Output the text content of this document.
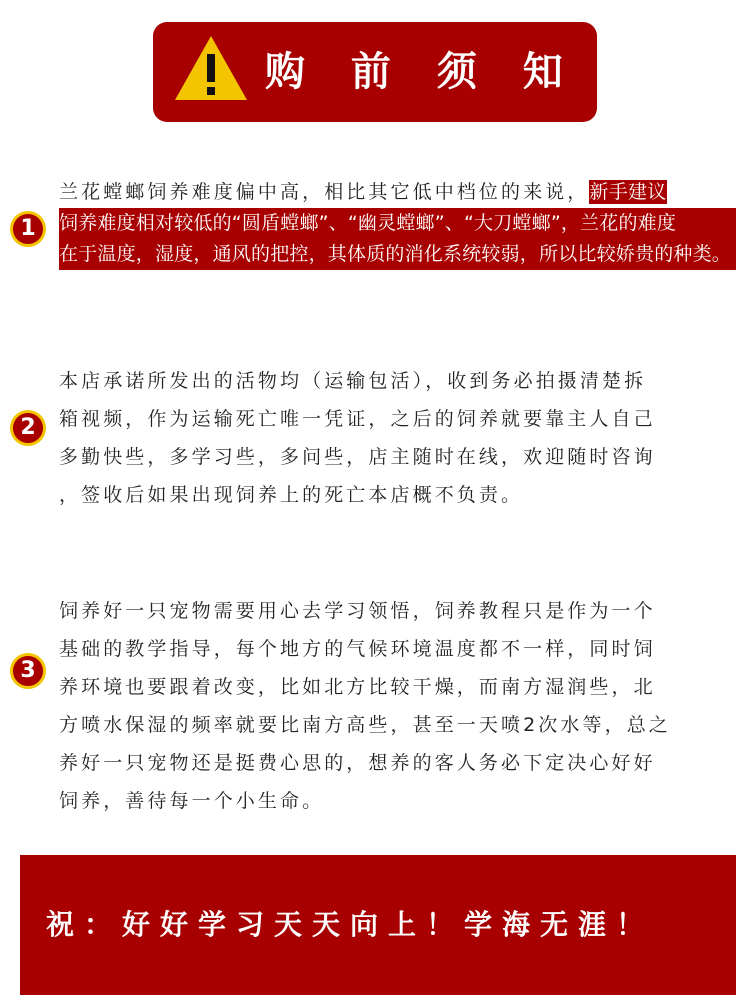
购 前 须 知
1
兰花螳螂饲养难度偏中高，相比其它低中档位的来说，新手建议
饲养难度相对较低的“圆盾螳螂”、“幽灵螳螂”、“大刀螳螂”，兰花的难度
在于温度，湿度，通风的把控，其体质的消化系统较弱，所以比较娇贵的种类。
2
本店承诺所发出的活物均（运输包活），收到务必拍摄清楚拆
箱视频，作为运输死亡唯一凭证，之后的饲养就要靠主人自己
多勤快些，多学习些，多问些，店主随时在线，欢迎随时咨询
，签收后如果出现饲养上的死亡本店概不负责。
3
饲养好一只宠物需要用心去学习领悟，饲养教程只是作为一个
基础的教学指导，每个地方的气候环境温度都不一样，同时饲
养环境也要跟着改变，比如北方比较干燥，而南方湿润些，北
方喷水保湿的频率就要比南方高些，甚至一天喷2次水等，总之
养好一只宠物还是挺费心思的，想养的客人务必下定决心好好
饲养，善待每一个小生命。
祝：好好学习天天向上！学海无涯！
